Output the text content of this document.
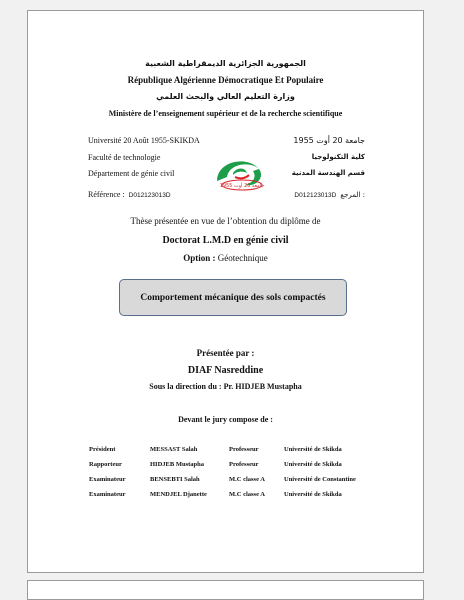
الجمهورية الجزائرية الديمقراطية الشعبية
République Algérienne Démocratique Et Populaire
وزارة التعليم العالي والبحث العلمي
Ministère de l’enseignement supérieur et de la recherche scientifique
Université 20 Août 1955-SKIKDA
Faculté de technologie
Département de génie civil
Référence : D012123013D
جامعة 20 أوت 1955
كلية التكنولوجيا
قسم الهندسة المدنية
D012123013D المرجع :
جامعة 20 أوت 1955
Thèse présentée en vue de l’obtention du diplôme de
Doctorat L.M.D en génie civil
Option : Géotechnique
Comportement mécanique des sols compactés
Présentée par :
DIAF Nasreddine
Sous la direction du : Pr. HIDJEB Mustapha
Devant le jury compose de :
Président	MESSAST Salah	Professeur	Université de Skikda
Rapporteur	HIDJEB Mustapha	Professeur	Université de Skikda
Examinateur	BENSEBTI Salah	M.C classe A	Université de Constantine
Examinateur	MENDJEL Djanette	M.C classe A	Université de Skikda
